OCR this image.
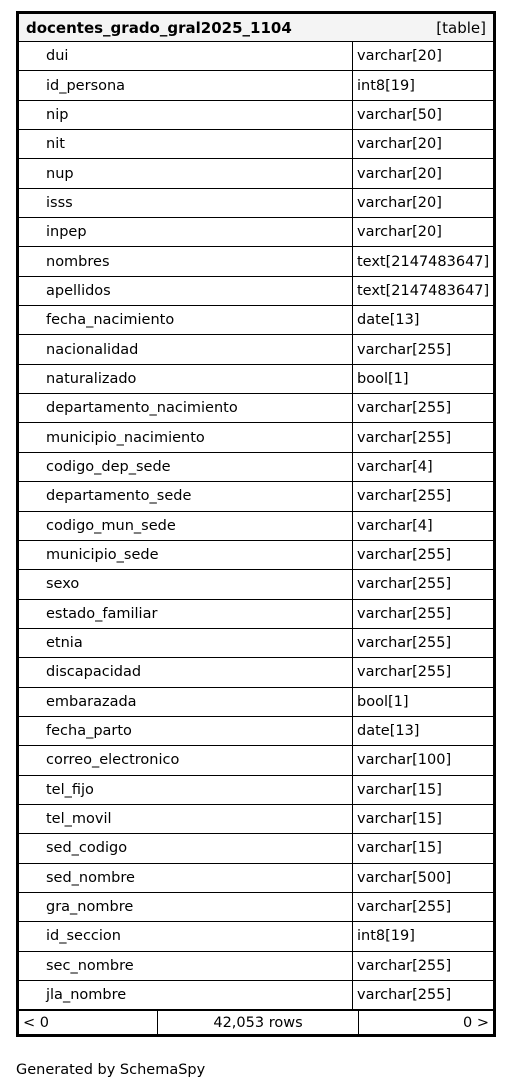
docentes_grado_gral2025_1104	[table]
dui	varchar[20]
id_persona	int8[19]
nip	varchar[50]
nit	varchar[20]
nup	varchar[20]
isss	varchar[20]
inpep	varchar[20]
nombres	text[2147483647]
apellidos	text[2147483647]
fecha_nacimiento	date[13]
nacionalidad	varchar[255]
naturalizado	bool[1]
departamento_nacimiento	varchar[255]
municipio_nacimiento	varchar[255]
codigo_dep_sede	varchar[4]
departamento_sede	varchar[255]
codigo_mun_sede	varchar[4]
municipio_sede	varchar[255]
sexo	varchar[255]
estado_familiar	varchar[255]
etnia	varchar[255]
discapacidad	varchar[255]
embarazada	bool[1]
fecha_parto	date[13]
correo_electronico	varchar[100]
tel_fijo	varchar[15]
tel_movil	varchar[15]
sed_codigo	varchar[15]
sed_nombre	varchar[500]
gra_nombre	varchar[255]
id_seccion	int8[19]
sec_nombre	varchar[255]
jla_nombre	varchar[255]
< 0	42,053 rows	0 >
Generated by SchemaSpy
